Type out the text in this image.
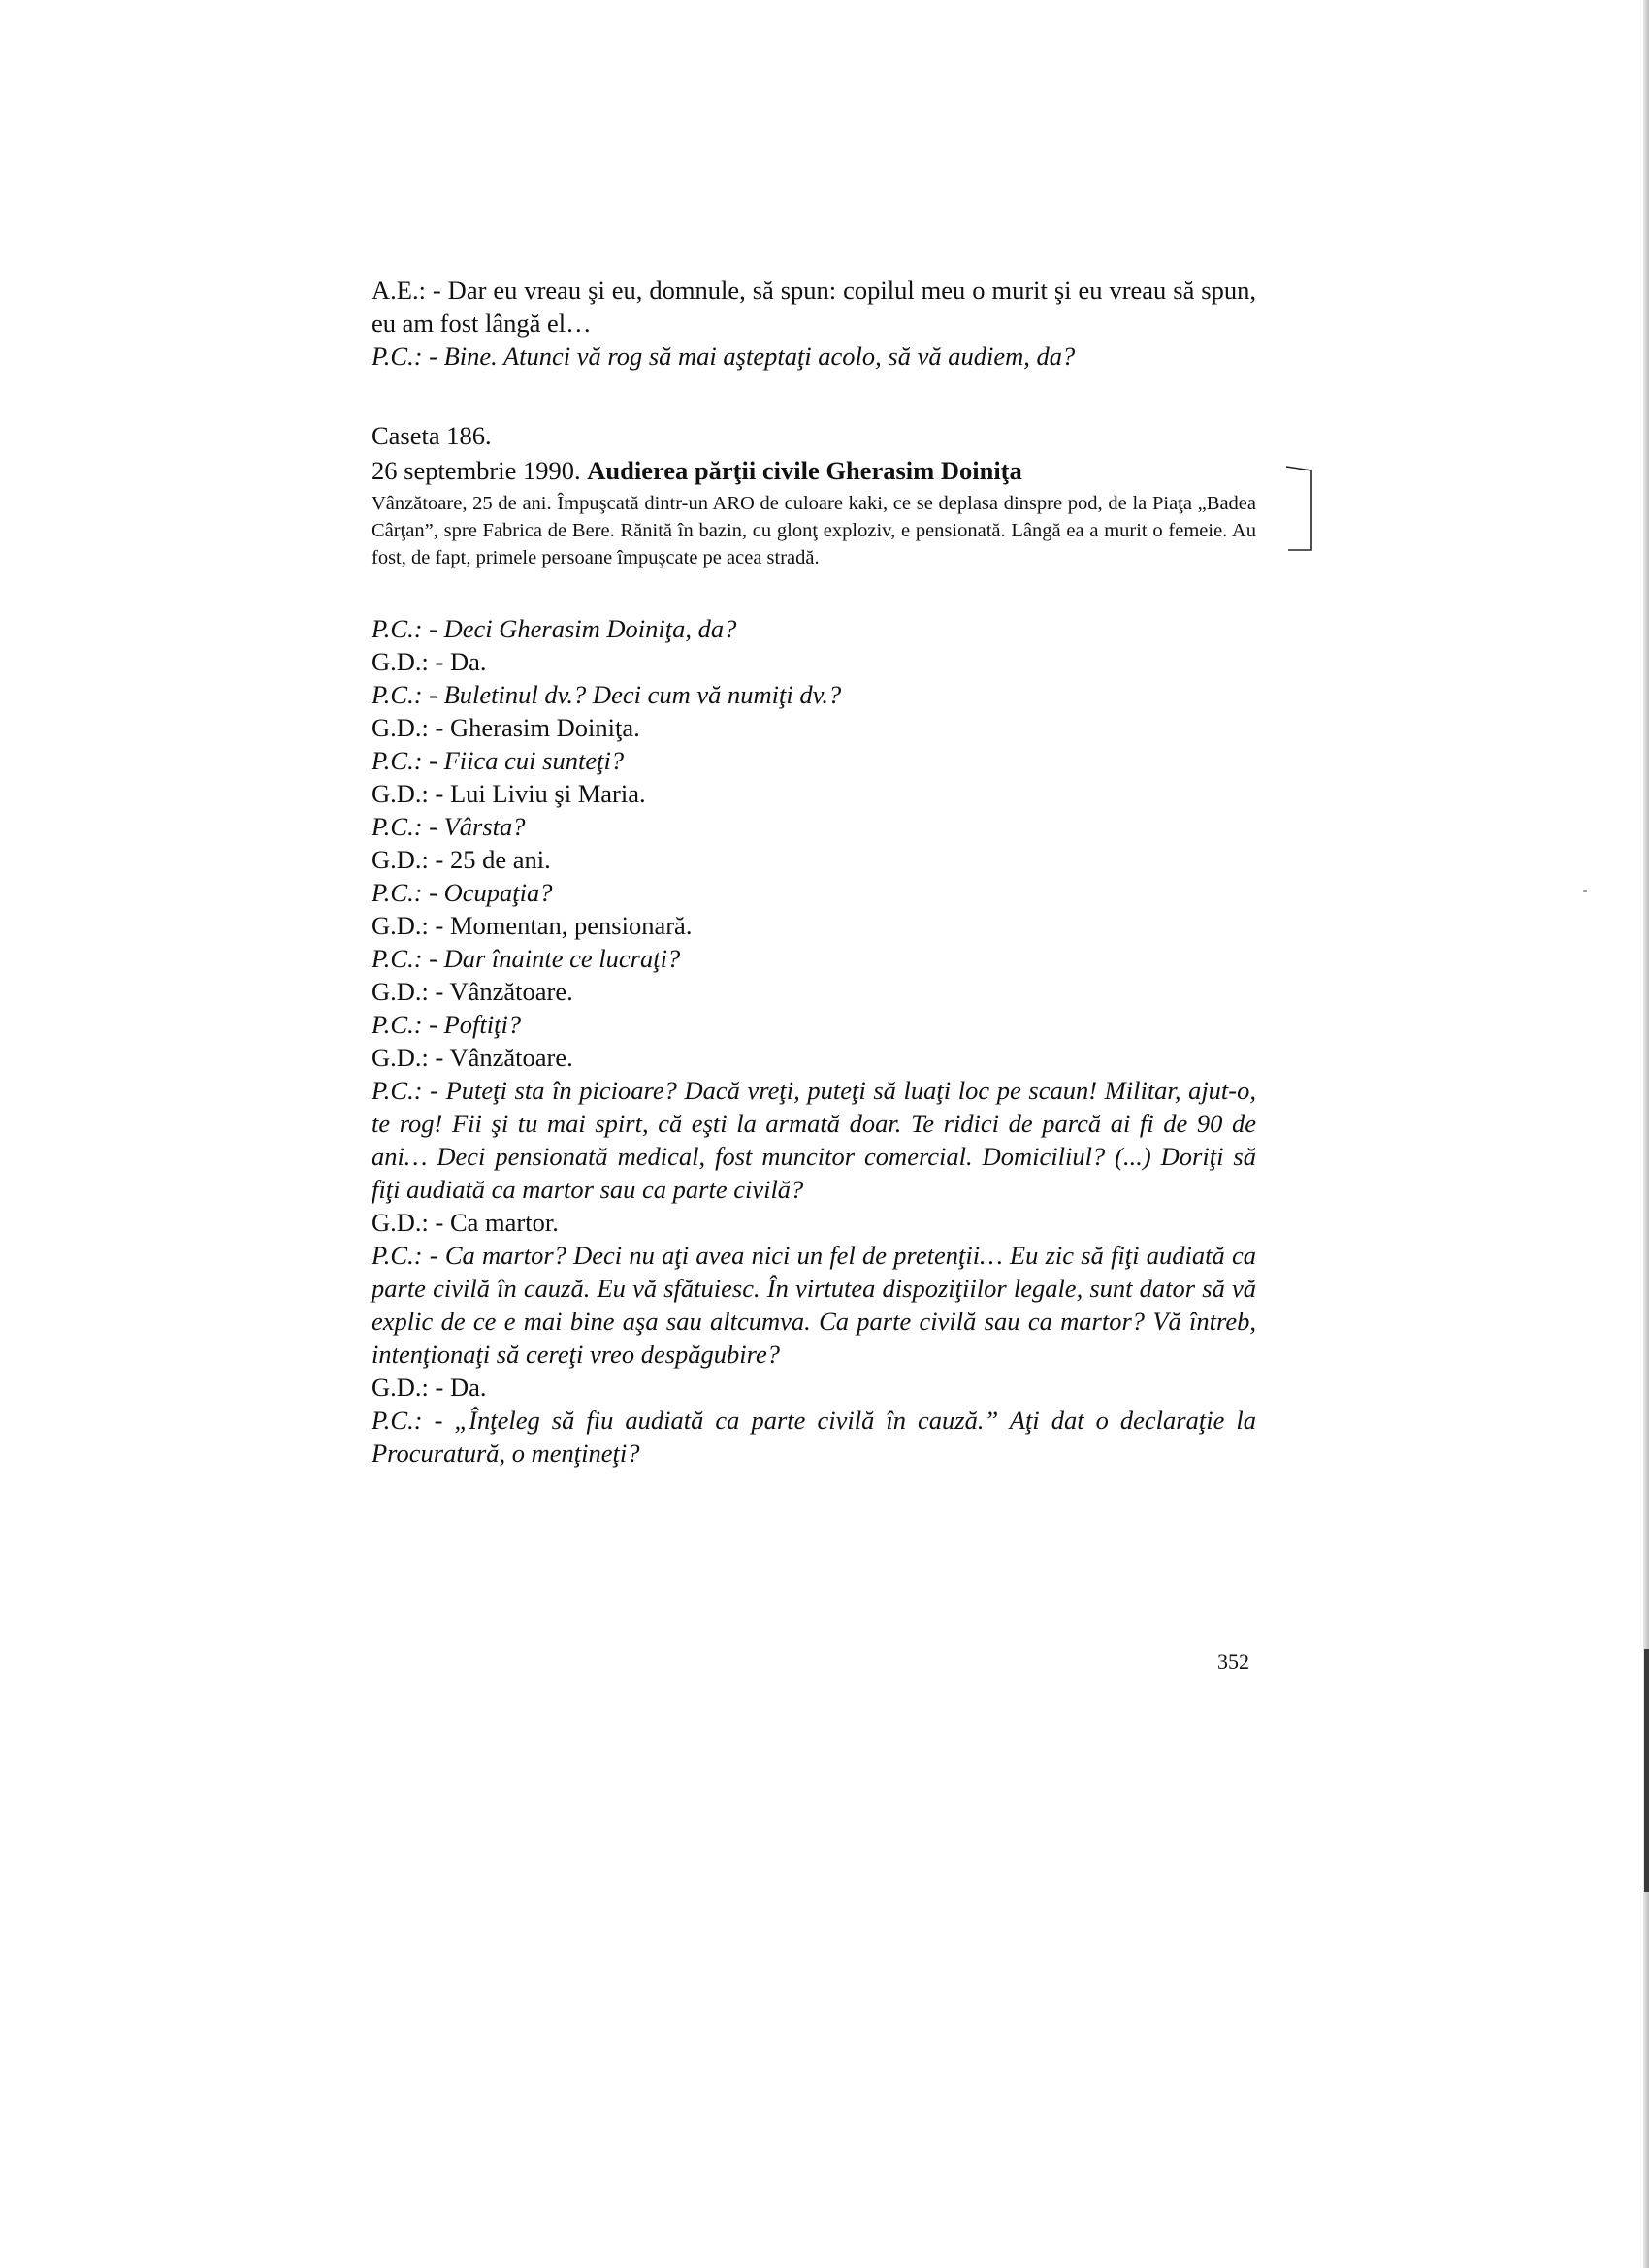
A.E.: - Dar eu vreau şi eu, domnule, să spun: copilul meu o murit şi eu vreau să spun, eu am fost lângă el…

P.C.: - Bine. Atunci vă rog să mai aşteptaţi acolo, să vă audiem, da?

Caseta 186.

26 septembrie 1990. Audierea părţii civile Gherasim Doiniţa

Vânzătoare, 25 de ani. Împuşcată dintr-un ARO de culoare kaki, ce se deplasa dinspre pod, de la Piaţa „Badea Cârţan”, spre Fabrica de Bere. Rănită în bazin, cu glonţ exploziv, e pensionată. Lângă ea a murit o femeie. Au fost, de fapt, primele persoane împuşcate pe acea stradă.

P.C.: - Deci Gherasim Doiniţa, da?

G.D.: - Da.

P.C.: - Buletinul dv.? Deci cum vă numiţi dv.?

G.D.: - Gherasim Doiniţa.

P.C.: - Fiica cui sunteţi?

G.D.: - Lui Liviu şi Maria.

P.C.: - Vârsta?

G.D.: - 25 de ani.

P.C.: - Ocupaţia?

G.D.: - Momentan, pensionară.

P.C.: - Dar înainte ce lucraţi?

G.D.: - Vânzătoare.

P.C.: - Poftiţi?

G.D.: - Vânzătoare.

P.C.: - Puteţi sta în picioare? Dacă vreţi, puteţi să luaţi loc pe scaun! Militar, ajut-o, te rog! Fii şi tu mai spirt, că eşti la armată doar. Te ridici de parcă ai fi de 90 de ani… Deci pensionată medical, fost muncitor comercial. Domiciliul? (...) Doriţi să fiţi audiată ca martor sau ca parte civilă?

G.D.: - Ca martor.

P.C.: - Ca martor? Deci nu aţi avea nici un fel de pretenţii… Eu zic să fiţi audiată ca parte civilă în cauză. Eu vă sfătuiesc. În virtutea dispoziţiilor legale, sunt dator să vă explic de ce e mai bine aşa sau altcumva. Ca parte civilă sau ca martor? Vă întreb, intenţionaţi să cereţi vreo despăgubire?

G.D.: - Da.

P.C.: - „Înţeleg să fiu audiată ca parte civilă în cauză.” Aţi dat o declaraţie la Procuratură, o menţineţi?

352
